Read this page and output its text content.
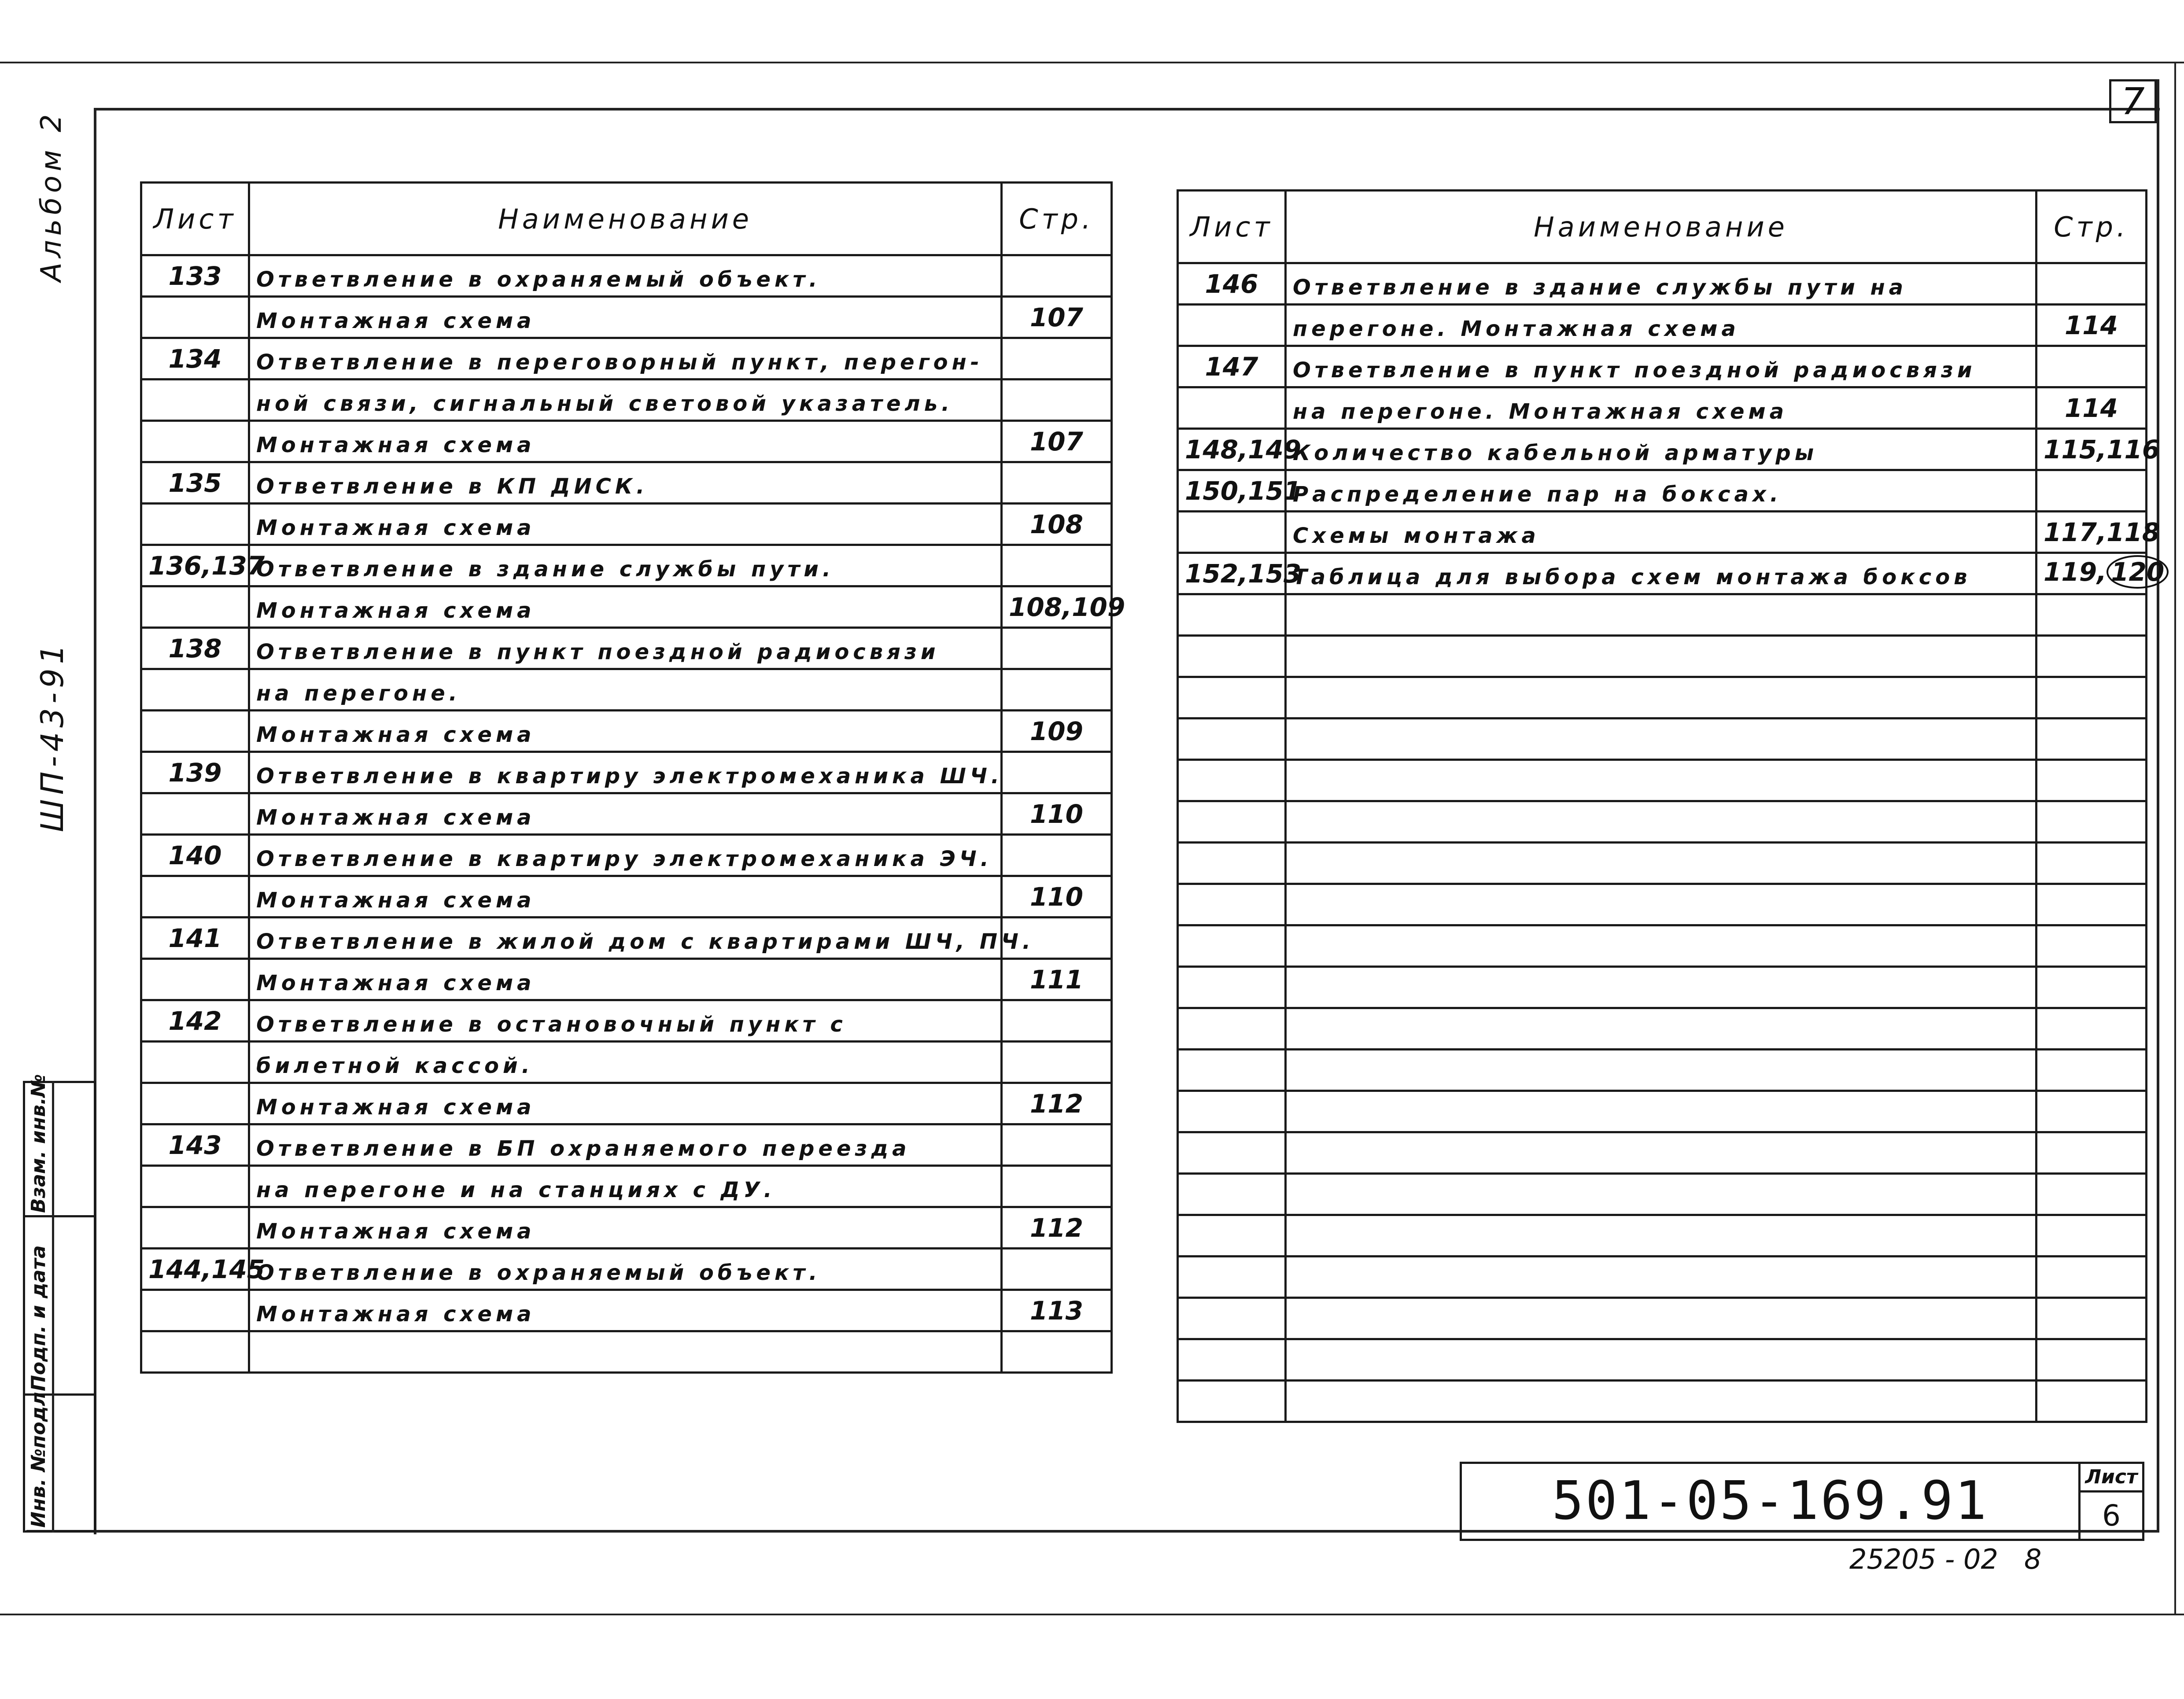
7
Альбом 2
ШП-43-91
Взам. инв.№
Подп. и дата
Инв. №подл
Лист	Наименование	Стр.
133	Ответвление в охраняемый объект.	
	Монтажная схема	107
134	Ответвление в переговорный пункт, перегон-	
	ной связи, сигнальный световой указатель.	
	Монтажная схема	107
135	Ответвление в КП ДИСК.	
	Монтажная схема	108
136,137	Ответвление в здание службы пути.	
	Монтажная схема	108,109
138	Ответвление в пункт поездной радиосвязи	
	на перегоне.	
	Монтажная схема	109
139	Ответвление в квартиру электромеханика ШЧ.	
	Монтажная схема	110
140	Ответвление в квартиру электромеханика ЭЧ.	
	Монтажная схема	110
141	Ответвление в жилой дом с квартирами ШЧ, ПЧ.	
	Монтажная схема	111
142	Ответвление в остановочный пункт с	
	билетной кассой.	
	Монтажная схема	112
143	Ответвление в БП охраняемого переезда	
	на перегоне и на станциях с ДУ.	
	Монтажная схема	112
144,145	Ответвление в охраняемый объект.	
	Монтажная схема	113

Лист	Наименование	Стр.
146	Ответвление в здание службы пути на	
	перегоне. Монтажная схема	114
147	Ответвление в пункт поездной радиосвязи	
	на перегоне. Монтажная схема	114
148,149	Количество кабельной арматуры	115,116
150,151	Распределение пар на боксах.	
	Схемы монтажа	117,118
152,153	Таблица для выбора схем монтажа боксов	119, 120

501-05-169.91	Лист
6
25205 - 02   8
